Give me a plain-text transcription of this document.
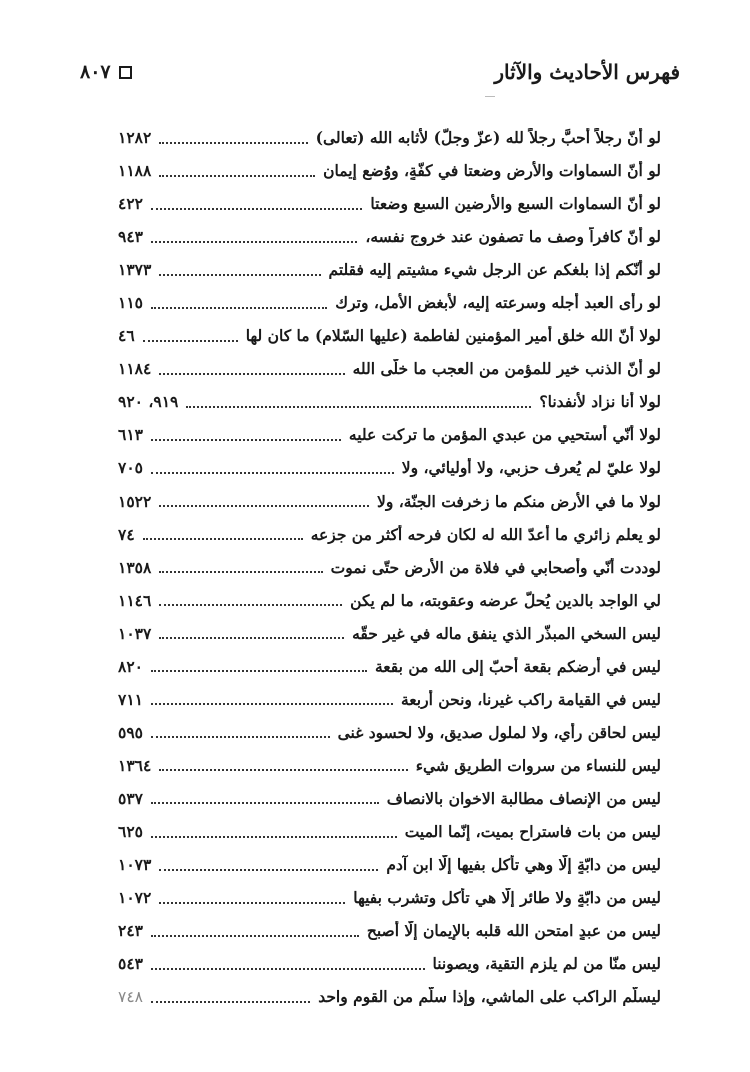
٨٠٧	فهرس الأحاديث والآثار
لو أنّ رجلاً أحبَّ رجلاً لله (عزّ وجلّ) لأثابه الله (تعالى)
١٢٨٢
لو أنّ السماوات والأرض وضعتا في كفّةٍ، ووُضع إيمان
١١٨٨
لو أنّ السماوات السبع والأرضين السبع وضعتا
٤٢٢
لو أنّ كافراً وصف ما تصفون عند خروج نفسه،
٩٤٣
لو أنّكم إذا بلغكم عن الرجل شيء مشيتم إليه فقلتم
١٣٧٣
لو رأى العبد أجله وسرعته إليه، لأبغض الأمل، وترك
١١٥
لولا أنّ الله خلق أمير المؤمنين لفاطمة (عليها السّلام) ما كان لها
٤٦
لو أنّ الذنب خير للمؤمن من العجب ما خلّى الله
١١٨٤
لولا أنا نزاد لأنفدنا؟
٩١٩، ٩٢٠
لولا أنّي أستحيي من عبدي المؤمن ما تركت عليه
٦١٣
لولا عليّ لم يُعرف حزبي، ولا أوليائي، ولا
٧٠٥
لولا ما في الأرض منكم ما زخرفت الجنّة، ولا
١٥٢٢
لو يعلم زائري ما أعدّ الله له لكان فرحه أكثر من جزعه
٧٤
لوددت أنّي وأصحابي في فلاة من الأرض حتّى نموت
١٣٥٨
لي الواجد بالدين يُحلّ عرضه وعقوبته، ما لم يكن
١١٤٦
ليس السخي المبذّر الذي ينفق ماله في غير حقّه
١٠٣٧
ليس في أرضكم بقعة أحبّ إلى الله من بقعة
٨٢٠
ليس في القيامة راكب غيرنا، ونحن أربعة
٧١١
ليس لحاقن رأي، ولا لملول صديق، ولا لحسود غنى
٥٩٥
ليس للنساء من سروات الطريق شيء
١٣٦٤
ليس من الإنصاف مطالبة الاخوان بالانصاف
٥٣٧
ليس من بات فاستراح بميت، إنّما الميت
٦٢٥
ليس من دابّةٍ إلّا وهي تأكل بفيها إلّا ابن آدم
١٠٧٣
ليس من دابّةٍ ولا طائر إلّا هي تأكل وتشرب بفيها
١٠٧٢
ليس من عبدٍ امتحن الله قلبه بالإيمان إلّا أصبح
٢٤٣
ليس منّا من لم يلزم التقية، ويصوننا
٥٤٣
ليسلّم الراكب على الماشي، وإذا سلّم من القوم واحد
٧٤٨
